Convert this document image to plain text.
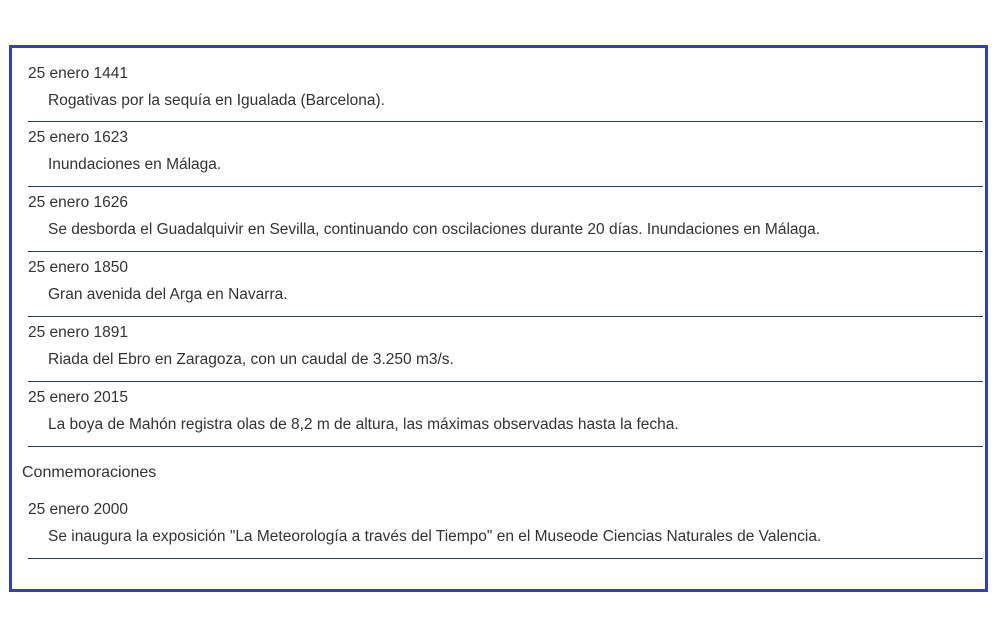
25 enero 1441
Rogativas por la sequía en Igualada (Barcelona).
25 enero 1623
Inundaciones en Málaga.
25 enero 1626
Se desborda el Guadalquivir en Sevilla, continuando con oscilaciones durante 20 días. Inundaciones en Málaga.
25 enero 1850
Gran avenida del Arga en Navarra.
25 enero 1891
Riada del Ebro en Zaragoza, con un caudal de 3.250 m3/s.
25 enero 2015
La boya de Mahón registra olas de 8,2 m de altura, las máximas observadas hasta la fecha.
Conmemoraciones
25 enero 2000
Se inaugura la exposición "La Meteorología a través del Tiempo" en el Museode Ciencias Naturales de Valencia.
